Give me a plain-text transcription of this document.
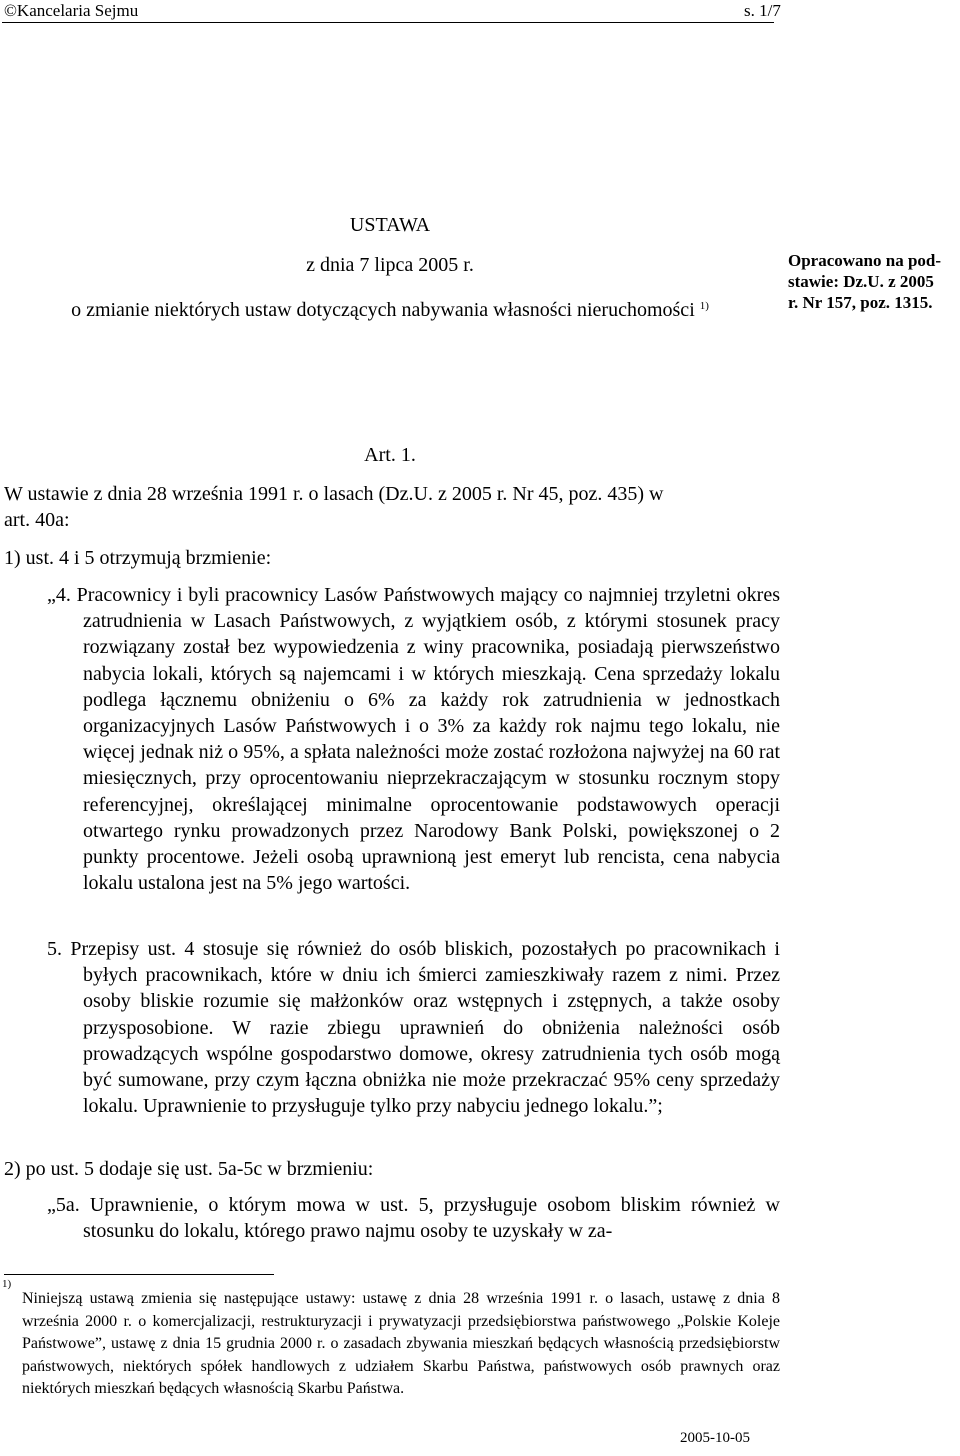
©Kancelaria Sejmu	s. 1/7
USTAWA
z dnia 7 lipca 2005 r.
o zmianie niektórych ustaw dotyczących nabywania własności nieruchomości $^{1)}$
Opracowano na pod-
stawie: Dz.U. z 2005
r. Nr 157, poz. 1315.
Art. 1.
W ustawie z dnia 28 września 1991 r. o lasach (Dz.U. z 2005 r. Nr 45, poz. 435) w
art. 40a:
1) ust. 4 i 5 otrzymują brzmienie:
„4. Pracownicy i byli pracownicy Lasów Państwowych mający co najmniej trzyletni okres zatrudnienia w Lasach Państwowych, z wyjątkiem osób, z którymi stosunek pracy rozwiązany został bez wypowiedzenia z winy pracownika, posiadają pierwszeństwo nabycia lokali, których są najemcami i w których mieszkają. Cena sprzedaży lokalu podlega łącznemu obniżeniu o 6% za każdy rok zatrudnienia w jednostkach organizacyjnych Lasów Państwowych i o 3% za każdy rok najmu tego lokalu, nie więcej jednak niż o 95%, a spłata należności może zostać rozłożona najwyżej na 60 rat miesięcznych, przy oprocentowaniu nieprzekraczającym w stosunku rocznym stopy referencyjnej, określającej minimalne oprocentowanie podstawowych operacji otwartego rynku prowadzonych przez Narodowy Bank Polski, powiększonej o 2 punkty procentowe. Jeżeli osobą uprawnioną jest emeryt lub rencista, cena nabycia lokalu ustalona jest na 5% jego wartości.
5. Przepisy ust. 4 stosuje się również do osób bliskich, pozostałych po pracownikach i byłych pracownikach, które w dniu ich śmierci zamieszkiwały razem z nimi. Przez osoby bliskie rozumie się małżonków oraz wstępnych i zstępnych, a także osoby przysposobione. W razie zbiegu uprawnień do obniżenia należności osób prowadzących wspólne gospodarstwo domowe, okresy zatrudnienia tych osób mogą być sumowane, przy czym łączna obniżka nie może przekraczać 95% ceny sprzedaży lokalu. Uprawnienie to przysługuje tylko przy nabyciu jednego lokalu.”;
2) po ust. 5 dodaje się ust. 5a-5c w brzmieniu:
„5a. Uprawnienie, o którym mowa w ust. 5, przysługuje osobom bliskim również w stosunku do lokalu, którego prawo najmu osoby te uzyskały w za-
$^{1)}$
Niniejszą ustawą zmienia się następujące ustawy: ustawę z dnia 28 września 1991 r. o lasach, ustawę z dnia 8 września 2000 r. o komercjalizacji, restrukturyzacji i prywatyzacji przedsiębiorstwa państwowego „Polskie Koleje Państwowe”, ustawę z dnia 15 grudnia 2000 r. o zasadach zbywania mieszkań będących własnością przedsiębiorstw państwowych, niektórych spółek handlowych z udziałem Skarbu Państwa, państwowych osób prawnych oraz niektórych mieszkań będących własnością Skarbu Państwa.
2005-10-05
